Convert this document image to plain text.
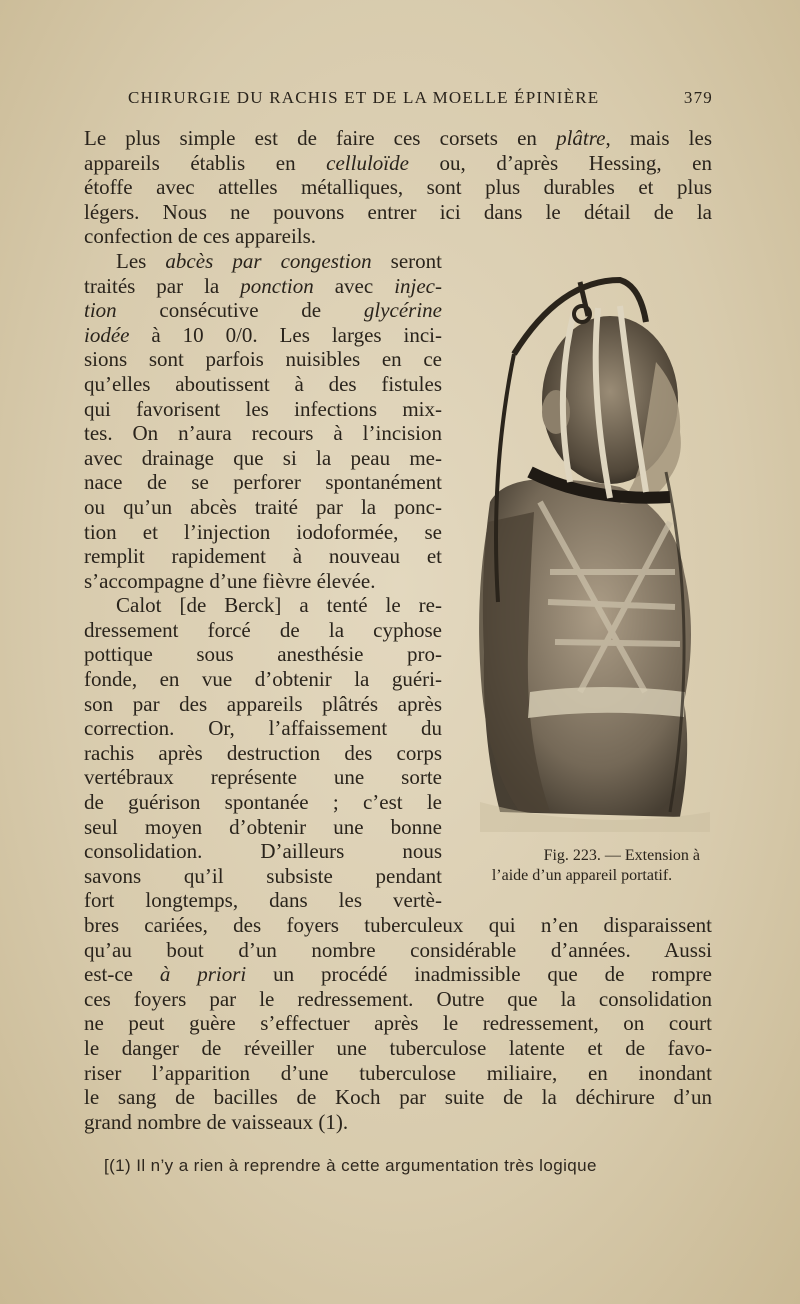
CHIRURGIE DU RACHIS ET DE LA MOELLE ÉPINIÈRE	379

Le plus simple est de faire ces corsets en plâtre, mais les
appareils établis en celluloïde ou, d’après Hessing, en
étoffe avec attelles métalliques, sont plus durables et plus
légers. Nous ne pouvons entrer ici dans le détail de la
confection de ces appareils.

Les abcès par congestion seront
traités par la ponction avec injec-
tion consécutive de glycérine
iodée à 10 0/0. Les larges inci-
sions sont parfois nuisibles en ce
qu’elles aboutissent à des fistules
qui favorisent les infections mix-
tes. On n’aura recours à l’incision
avec drainage que si la peau me-
nace de se perforer spontanément
ou qu’un abcès traité par la ponc-
tion et l’injection iodoformée, se
remplit rapidement à nouveau et
s’accompagne d’une fièvre élevée.

Calot [de Berck] a tenté le re-
dressement forcé de la cyphose
pottique sous anesthésie pro-
fonde, en vue d’obtenir la guéri-
son par des appareils plâtrés après
correction. Or, l’affaissement du
rachis après destruction des corps
vertébraux représente une sorte
de guérison spontanée ; c’est le
seul moyen d’obtenir une bonne
consolidation. D’ailleurs nous
savons qu’il subsiste pendant
fort longtemps, dans les vertè-
bres cariées, des foyers tuberculeux qui n’en disparaissent
qu’au bout d’un nombre considérable d’années. Aussi
est-ce à priori un procédé inadmissible que de rompre
ces foyers par le redressement. Outre que la consolidation
ne peut guère s’effectuer après le redressement, on court
le danger de réveiller une tuberculose latente et de favo-
riser l’apparition d’une tuberculose miliaire, en inondant
le sang de bacilles de Koch par suite de la déchirure d’un
grand nombre de vaisseaux (1).

Fig. 223. — Extension à
l’aide d’un appareil portatif.
[(1) Il n’y a rien à reprendre à cette argumentation très logique
